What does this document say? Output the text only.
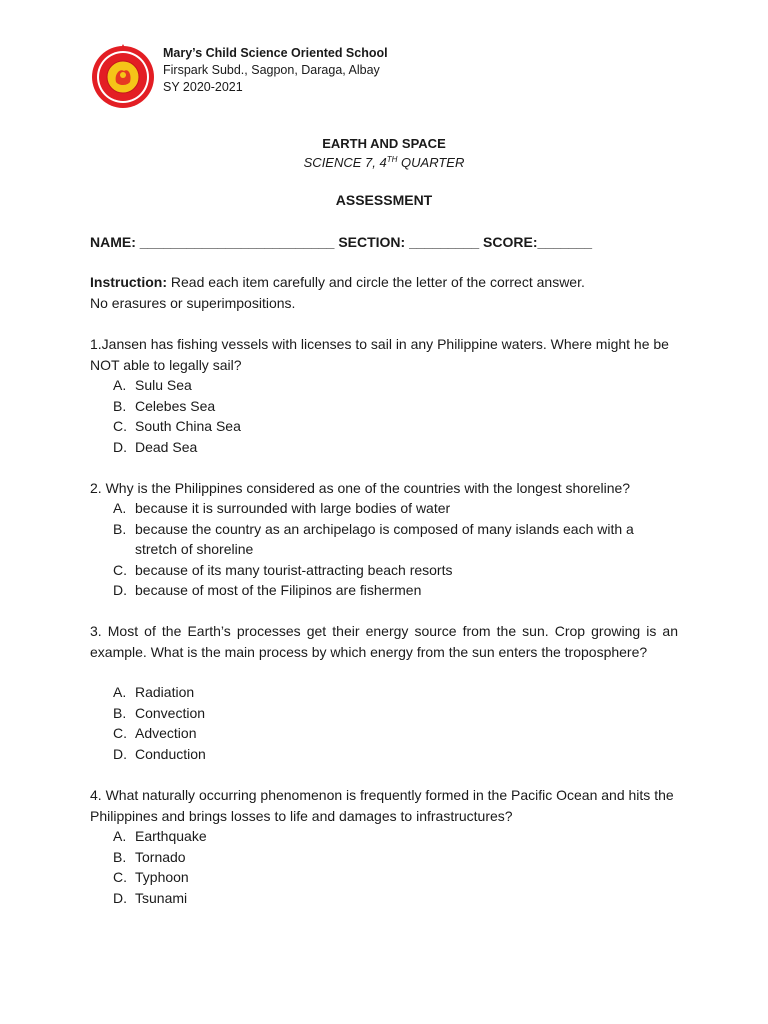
Mary’s Child Science Oriented School
Firspark Subd., Sagpon, Daraga, Albay
SY 2020-2021
EARTH AND SPACE
SCIENCE 7, 4TH QUARTER
ASSESSMENT
NAME: _________________________ SECTION: _________ SCORE:_______
Instruction: Read each item carefully and circle the letter of the correct answer.
No erasures or superimpositions.
1.Jansen has fishing vessels with licenses to sail in any Philippine waters. Where might he be NOT able to legally sail?
A. Sulu Sea
B. Celebes Sea
C. South China Sea
D. Dead Sea
2. Why is the Philippines considered as one of the countries with the longest shoreline?
A. because it is surrounded with large bodies of water
B. because the country as an archipelago is composed of many islands each with a stretch of shoreline
C. because of its many tourist-attracting beach resorts
D. because of most of the Filipinos are fishermen
3. Most of the Earth’s processes get their energy source from the sun. Crop growing is an example. What is the main process by which energy from the sun enters the troposphere?
A. Radiation
B. Convection
C. Advection
D. Conduction
4. What naturally occurring phenomenon is frequently formed in the Pacific Ocean and hits the Philippines and brings losses to life and damages to infrastructures?
A. Earthquake
B. Tornado
C. Typhoon
D. Tsunami
